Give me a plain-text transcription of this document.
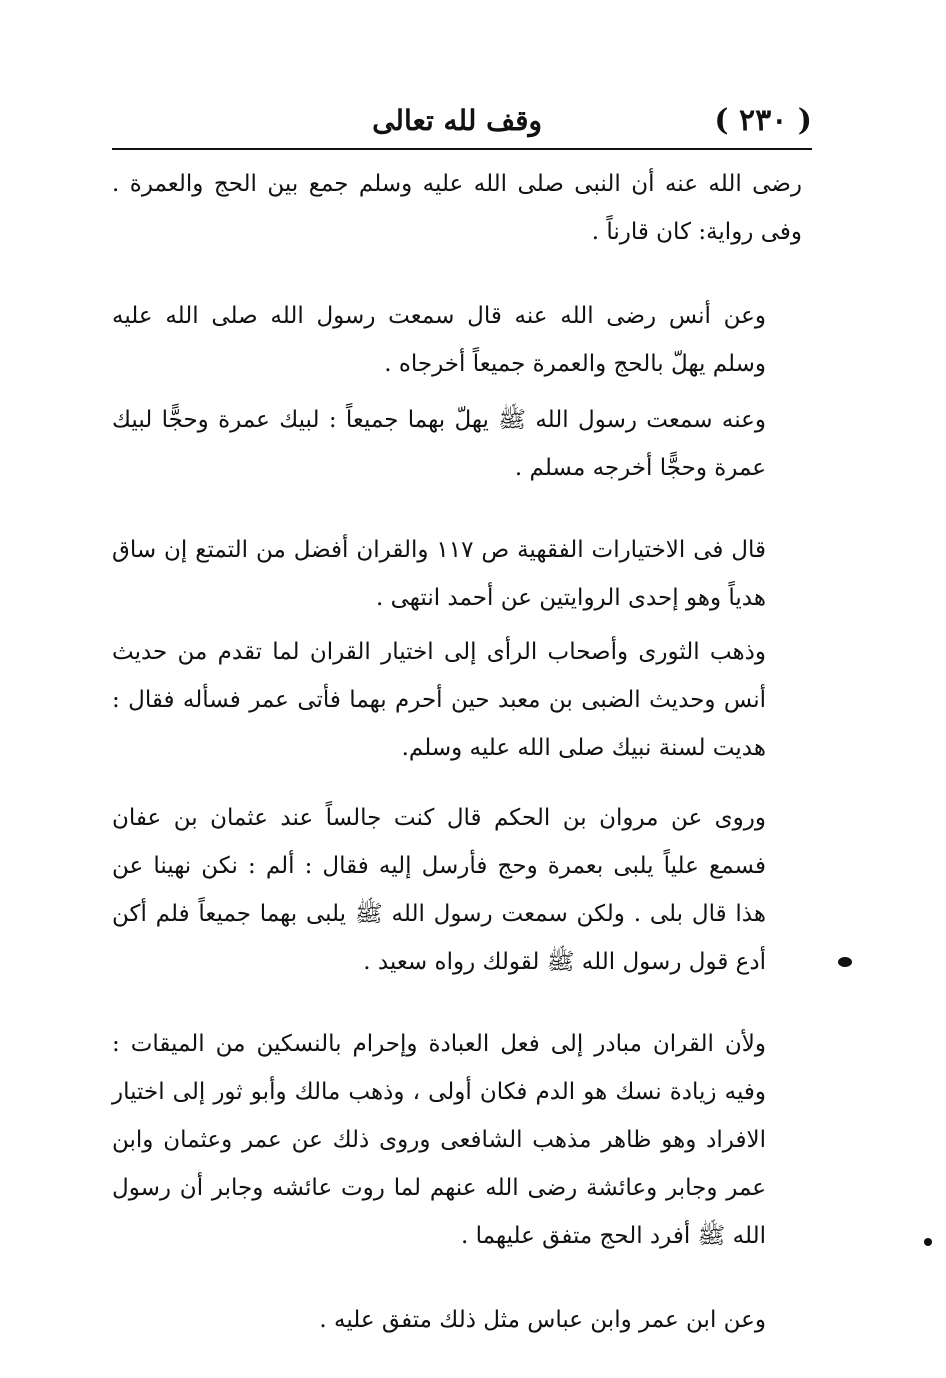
( ٢٣٠ )
وقف لله تعالى

رضى الله عنه أن النبى صلى الله عليه وسلم جمع بين الحج والعمرة . وفى رواية: كان قارناً .

وعن أنس رضى الله عنه قال سمعت رسول الله صلى الله عليه وسلم يهلّ بالحج والعمرة جميعاً أخرجاه .

وعنه سمعت رسول الله ﷺ يهلّ بهما جميعاً : لبيك عمرة وحجًّا لبيك عمرة وحجًّا أخرجه مسلم .

قال فى الاختيارات الفقهية ص ١١٧ والقران أفضل من التمتع إن ساق هدياً وهو إحدى الروايتين عن أحمد انتهى .

وذهب الثورى وأصحاب الرأى إلى اختيار القران لما تقدم من حديث أنس وحديث الضبى بن معبد حين أحرم بهما فأتى عمر فسأله فقال : هديت لسنة نبيك صلى الله عليه وسلم.

وروى عن مروان بن الحكم قال كنت جالساً عند عثمان بن عفان فسمع علياً يلبى بعمرة وحج فأرسل إليه فقال : ألم : نكن نهينا عن هذا قال بلى . ولكن سمعت رسول الله ﷺ يلبى بهما جميعاً فلم أكن أدع قول رسول الله ﷺ لقولك رواه سعيد .

ولأن القران مبادر إلى فعل العبادة وإحرام بالنسكين من الميقات : وفيه زيادة نسك هو الدم فكان أولى ، وذهب مالك وأبو ثور إلى اختيار الافراد وهو ظاهر مذهب الشافعى وروى ذلك عن عمر وعثمان وابن عمر وجابر وعائشة رضى الله عنهم لما روت عائشه وجابر أن رسول الله ﷺ أفرد الحج متفق عليهما .

وعن ابن عمر وابن عباس مثل ذلك متفق عليه .
